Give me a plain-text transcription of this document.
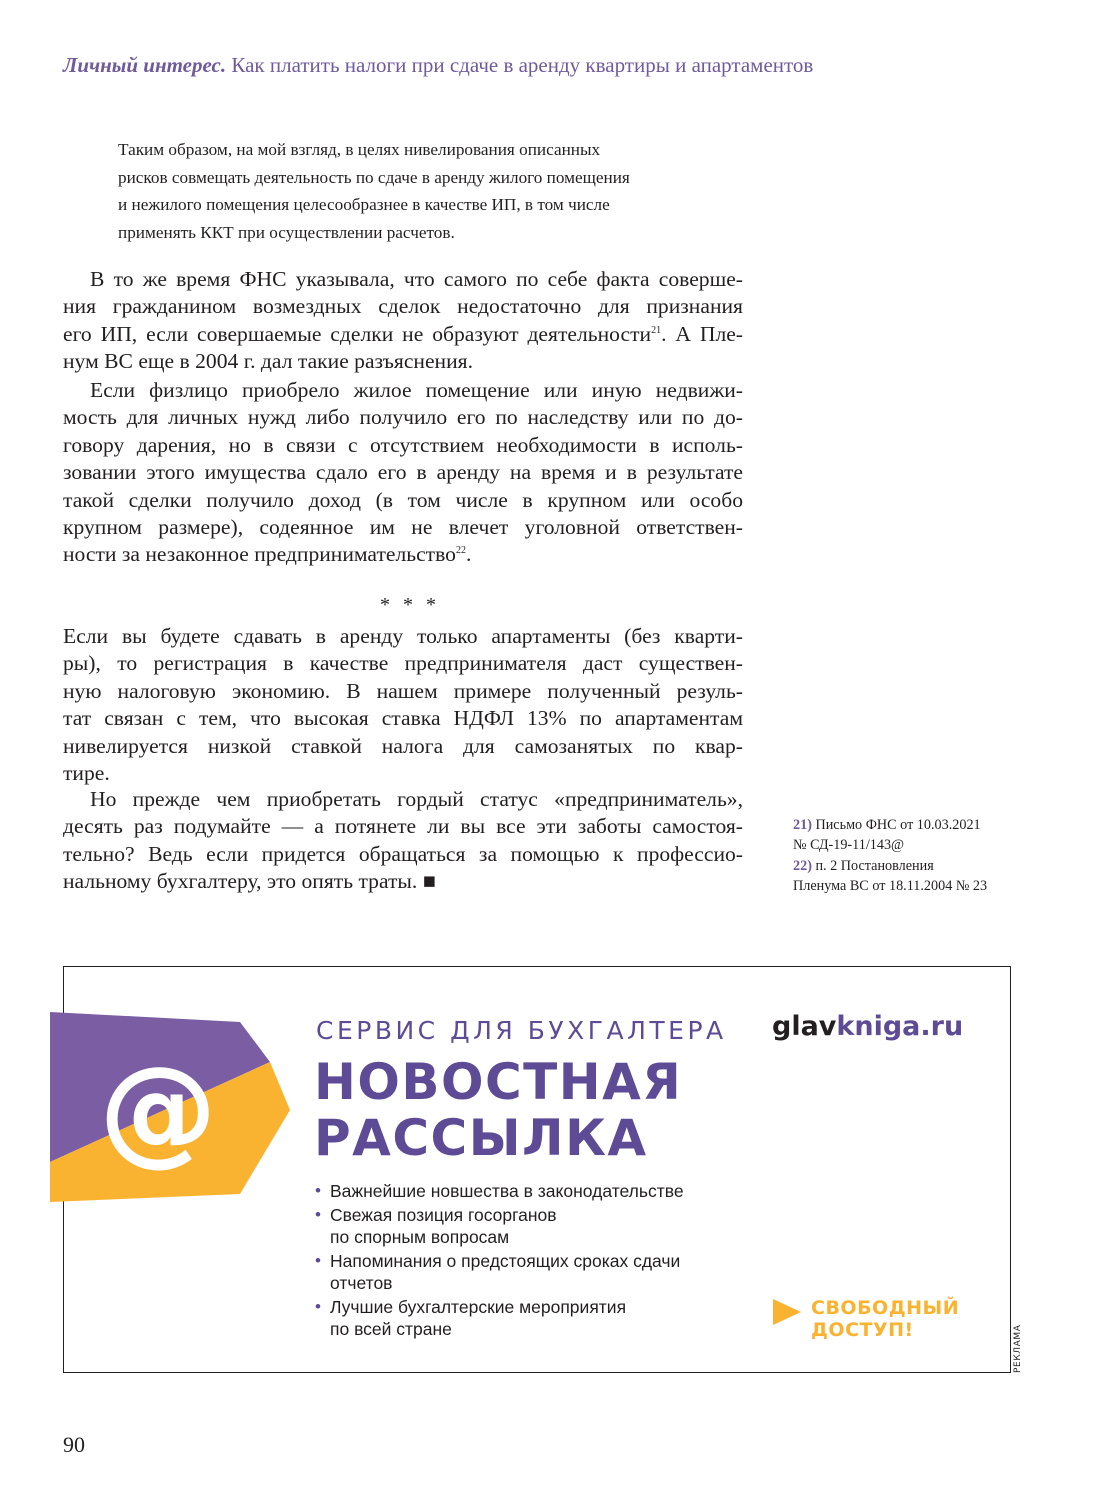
Личный интерес. Как платить налоги при сдаче в аренду квартиры и апартаментов

Таким образом, на мой взгляд, в целях нивелирования описанных

рисков совмещать деятельность по сдаче в аренду жилого помещения

и нежилого помещения целесообразнее в качестве ИП, в том числе

применять ККТ при осуществлении расчетов.

В то же время ФНС указывала, что самого по себе факта соверше-
ния гражданином возмездных сделок недостаточно для признания
его ИП, если совершаемые сделки не образуют деятельности$^{21}$. А Пле-
нум ВС еще в 2004 г. дал такие разъяснения.
Если физлицо приобрело жилое помещение или иную недвижи-
мость для личных нужд либо получило его по наследству или по до-
говору дарения, но в связи с отсутствием необходимости в исполь-
зовании этого имущества сдало его в аренду на время и в результате
такой сделки получило доход (в том числе в крупном или особо
крупном размере), содеянное им не влечет уголовной ответствен-
ности за незаконное предпринимательство$^{22}$.
* * *
Если вы будете сдавать в аренду только апартаменты (без кварти-
ры), то регистрация в качестве предпринимателя даст существен-
ную налоговую экономию. В нашем примере полученный резуль-
тат связан с тем, что высокая ставка НДФЛ 13% по апартаментам
нивелируется низкой ставкой налога для самозанятых по квар-
тире.
Но прежде чем приобретать гордый статус «предприниматель»,
десять раз подумайте — а потянете ли вы все эти заботы самостоя-
тельно? Ведь если придется обращаться за помощью к профессио-
нальному бухгалтеру, это опять траты. ■
21) Письмо ФНС от 10.03.2021
№ СД-19-11/143@
22) п. 2 Постановления
Пленума ВС от 18.11.2004 № 23
@
СЕРВИС ДЛЯ БУХГАЛТЕРА
НОВОСТНАЯ
РАССЫЛКА
glavkniga.ru
• Важнейшие новшества в законодательстве
• Свежая позиция госорганов
по спорным вопросам
• Напоминания о предстоящих сроках сдачи
отчетов
• Лучшие бухгалтерские мероприятия
по всей стране
СВОБОДНЫЙ
ДОСТУП!	РЕКЛАМА
90
